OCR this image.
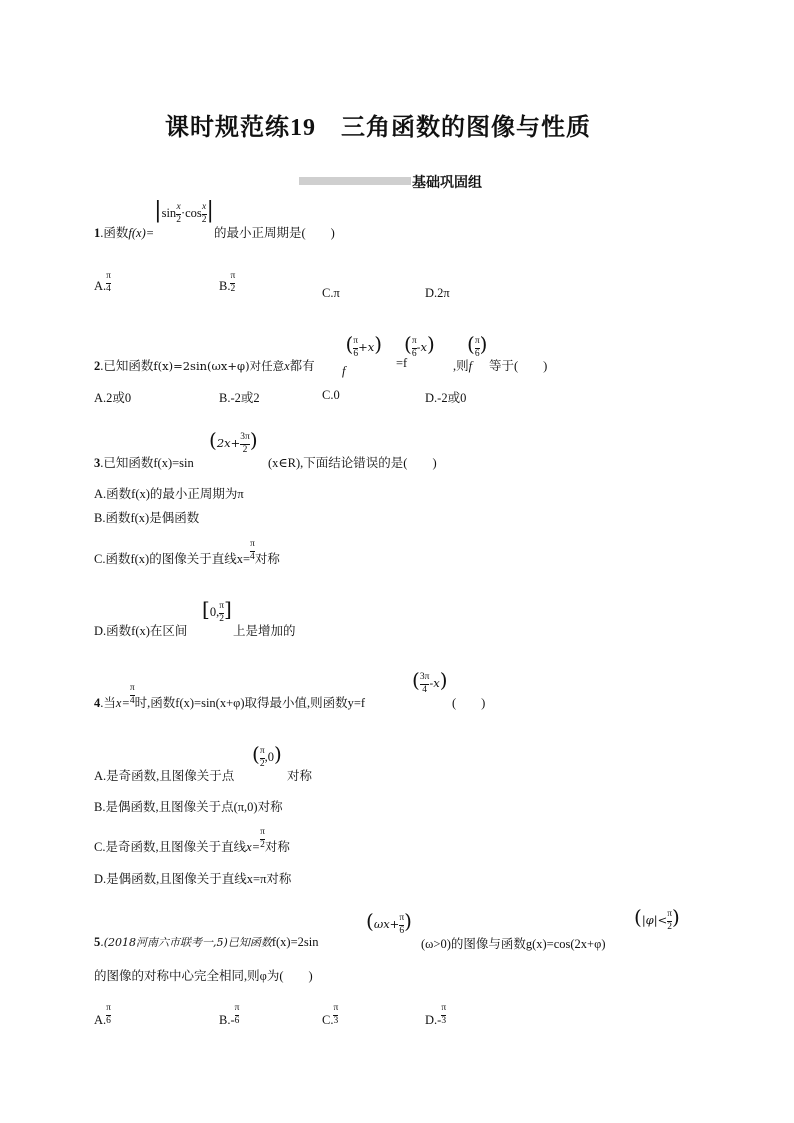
课时规范练19　三角函数的图像与性质
基础巩固组
1.函数$f(x)=|\sin \frac{x}{2} \cdot\cos \frac{x}{2}$ |的最小正周期是(　　)
A. $\frac{\pi}{4}$	B. $\frac{\pi}{2}$	C.π	D.2π
2.已知函数f(x)=2sin(ωx+φ)对任意x都有 $f( \frac{\pi}{6} +x)$
=f
( $\frac{\pi}{6} -x$)
,则f
( $\frac{\pi}{6}$ )
等于(　　)
A.2或0	B.-2或2	C.0	D.-2或0
3.已知函数f(x)=sin
($2x+ \frac{3\pi}{2}$ )
(x∈R),下面结论错误的是(　　)
A.函数f(x)的最小正周期为π
B.函数f(x)是偶函数
C.函数f(x)的图像关于直线$x= \frac{\pi}{4}$ 对称
D.函数f(x)在区间
[0, $\frac{\pi}{2}$ ]
上是增加的
4.当$x= \frac{\pi}{4}$ 时,函数f(x)=sin(x+φ)取得最小值,则函数y=f
( $\frac{3\pi}{4} -x$)
(　　)
A.是奇函数,且图像关于点
( $\frac{\pi}{2} ,0$)
对称
B.是偶函数,且图像关于点(π,0)对称
C.是奇函数,且图像关于直线$x= \frac{\pi}{2}$ 对称
D.是偶函数,且图像关于直线x=π对称
5.(2018河南六市联考一,5)已知函数f(x)=2sin
($\omega x+ \frac{\pi}{6}$ )
(ω>0)的图像与函数g(x)=cos(2x+φ)
($|\varphi|< \frac{\pi}{2}$ )
的图像的对称中心完全相同,则φ为(　　)
A. $\frac{\pi}{6}$	$B.- \frac{\pi}{6}$	C. $\frac{\pi}{3}$	$D.- \frac{\pi}{3}$
